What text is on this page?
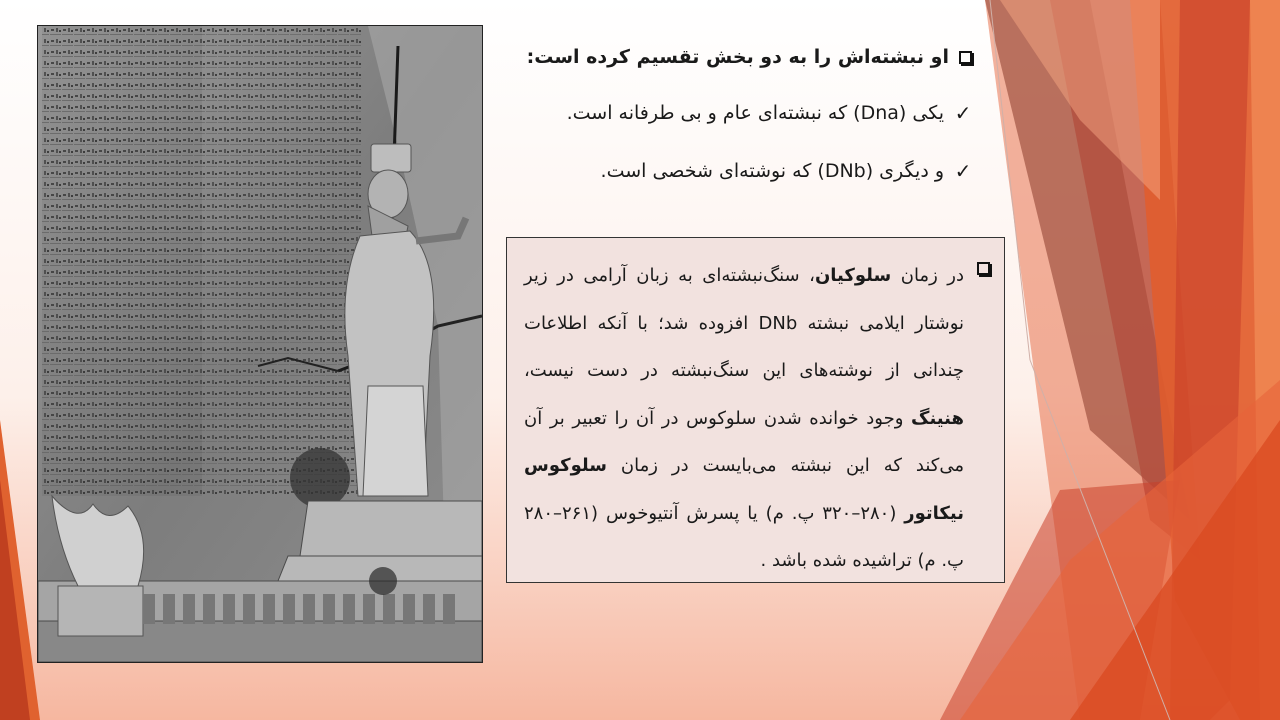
او نبشته‌اش را به دو بخش تقسیم کرده است:
✓
یکی (Dna) که نبشته‌ای عام و بی طرفانه است.
✓
و دیگری (DNb) که نوشته‌ای شخصی است.
در زمان سلوکیان، سنگ‌نبشته‌ای به زبان آرامی در زیر نوشتار ایلامی نبشته DNb افزوده شد؛ با آنکه اطلاعات چندانی از نوشته‌های این سنگ‌نبشته در دست نیست، هنینگ وجود خوانده شدن سلوکوس در آن را تعبیر بر آن می‌کند که این نبشته می‌بایست در زمان سلوکوس نیکاتور (۲۸۰–۳۲۰ پ. م) یا پسرش آنتیوخوس (۲۶۱–۲۸۰ پ. م) تراشیده شده باشد .
